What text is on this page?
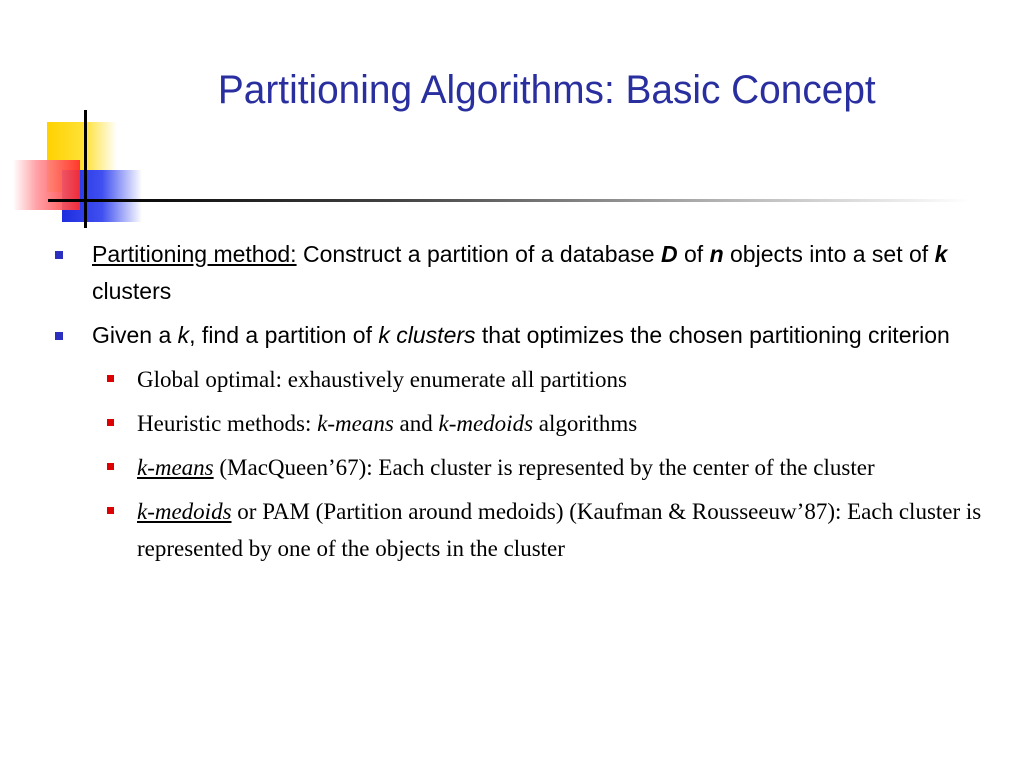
Partitioning Algorithms: Basic Concept
Partitioning method: Construct a partition of a database D of n objects into a set of k clusters
Given a k, find a partition of k clusters that optimizes the chosen partitioning criterion
Global optimal: exhaustively enumerate all partitions
Heuristic methods: k-means and k-medoids algorithms
k-means (MacQueen’67): Each cluster is represented by the center of the cluster
k-medoids or PAM (Partition around medoids) (Kaufman & Rousseeuw’87): Each cluster is represented by one of the objects in the cluster
